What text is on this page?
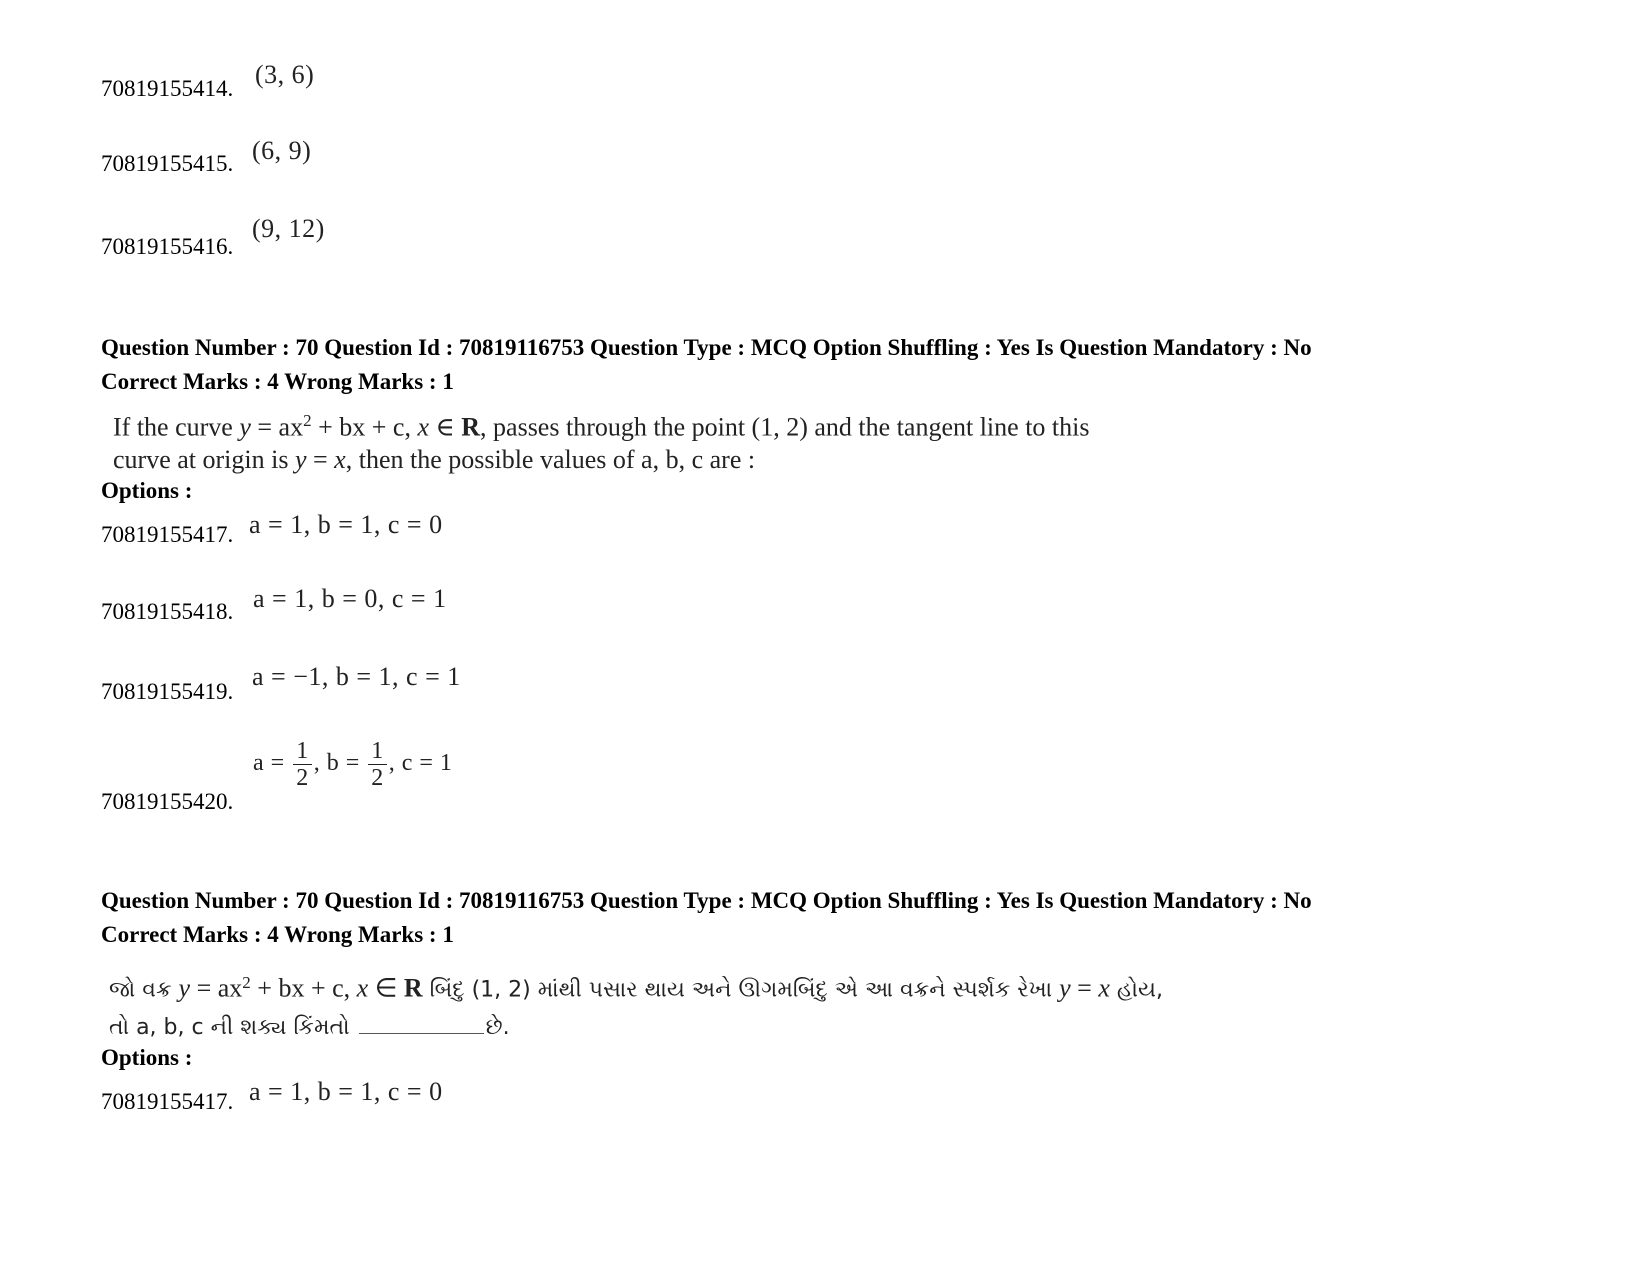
70819155414. (3, 6)
70819155415. (6, 9)
70819155416.
(9, 12)
Question Number : 70 Question Id : 70819116753 Question Type : MCQ Option Shuffling : Yes Is Question Mandatory : No
Correct Marks : 4 Wrong Marks : 1
If the curve $y = ax^2$ + bx + c, x ∈ R, passes through the point (1, 2) and the tangent line to this
curve at origin is y = x, then the possible values of a, b, c are :
Options :
70819155417. a = 1, b = 1, c = 0
70819155418. a = 1, b = 0, c = 1
70819155419.
a = −1, b = 1, c = 1
70819155420.
$a = \frac{1}{2}$ , $b = \frac{1}{2}$ , c = 1
Question Number : 70 Question Id : 70819116753 Question Type : MCQ Option Shuffling : Yes Is Question Mandatory : No
Correct Marks : 4 Wrong Marks : 1
જો વક્ર $y = ax^2$ + bx + c, x ∈ R બિંદુ (1, 2) માંથી પસાર થાય અને ઊગમબિંદુ એ આ વક્રને સ્પર્શક રેખા y = x હોય,
તો a, b, c ની શક્ય કિંમતો	છે.
Options :
70819155417. a = 1, b = 1, c = 0
